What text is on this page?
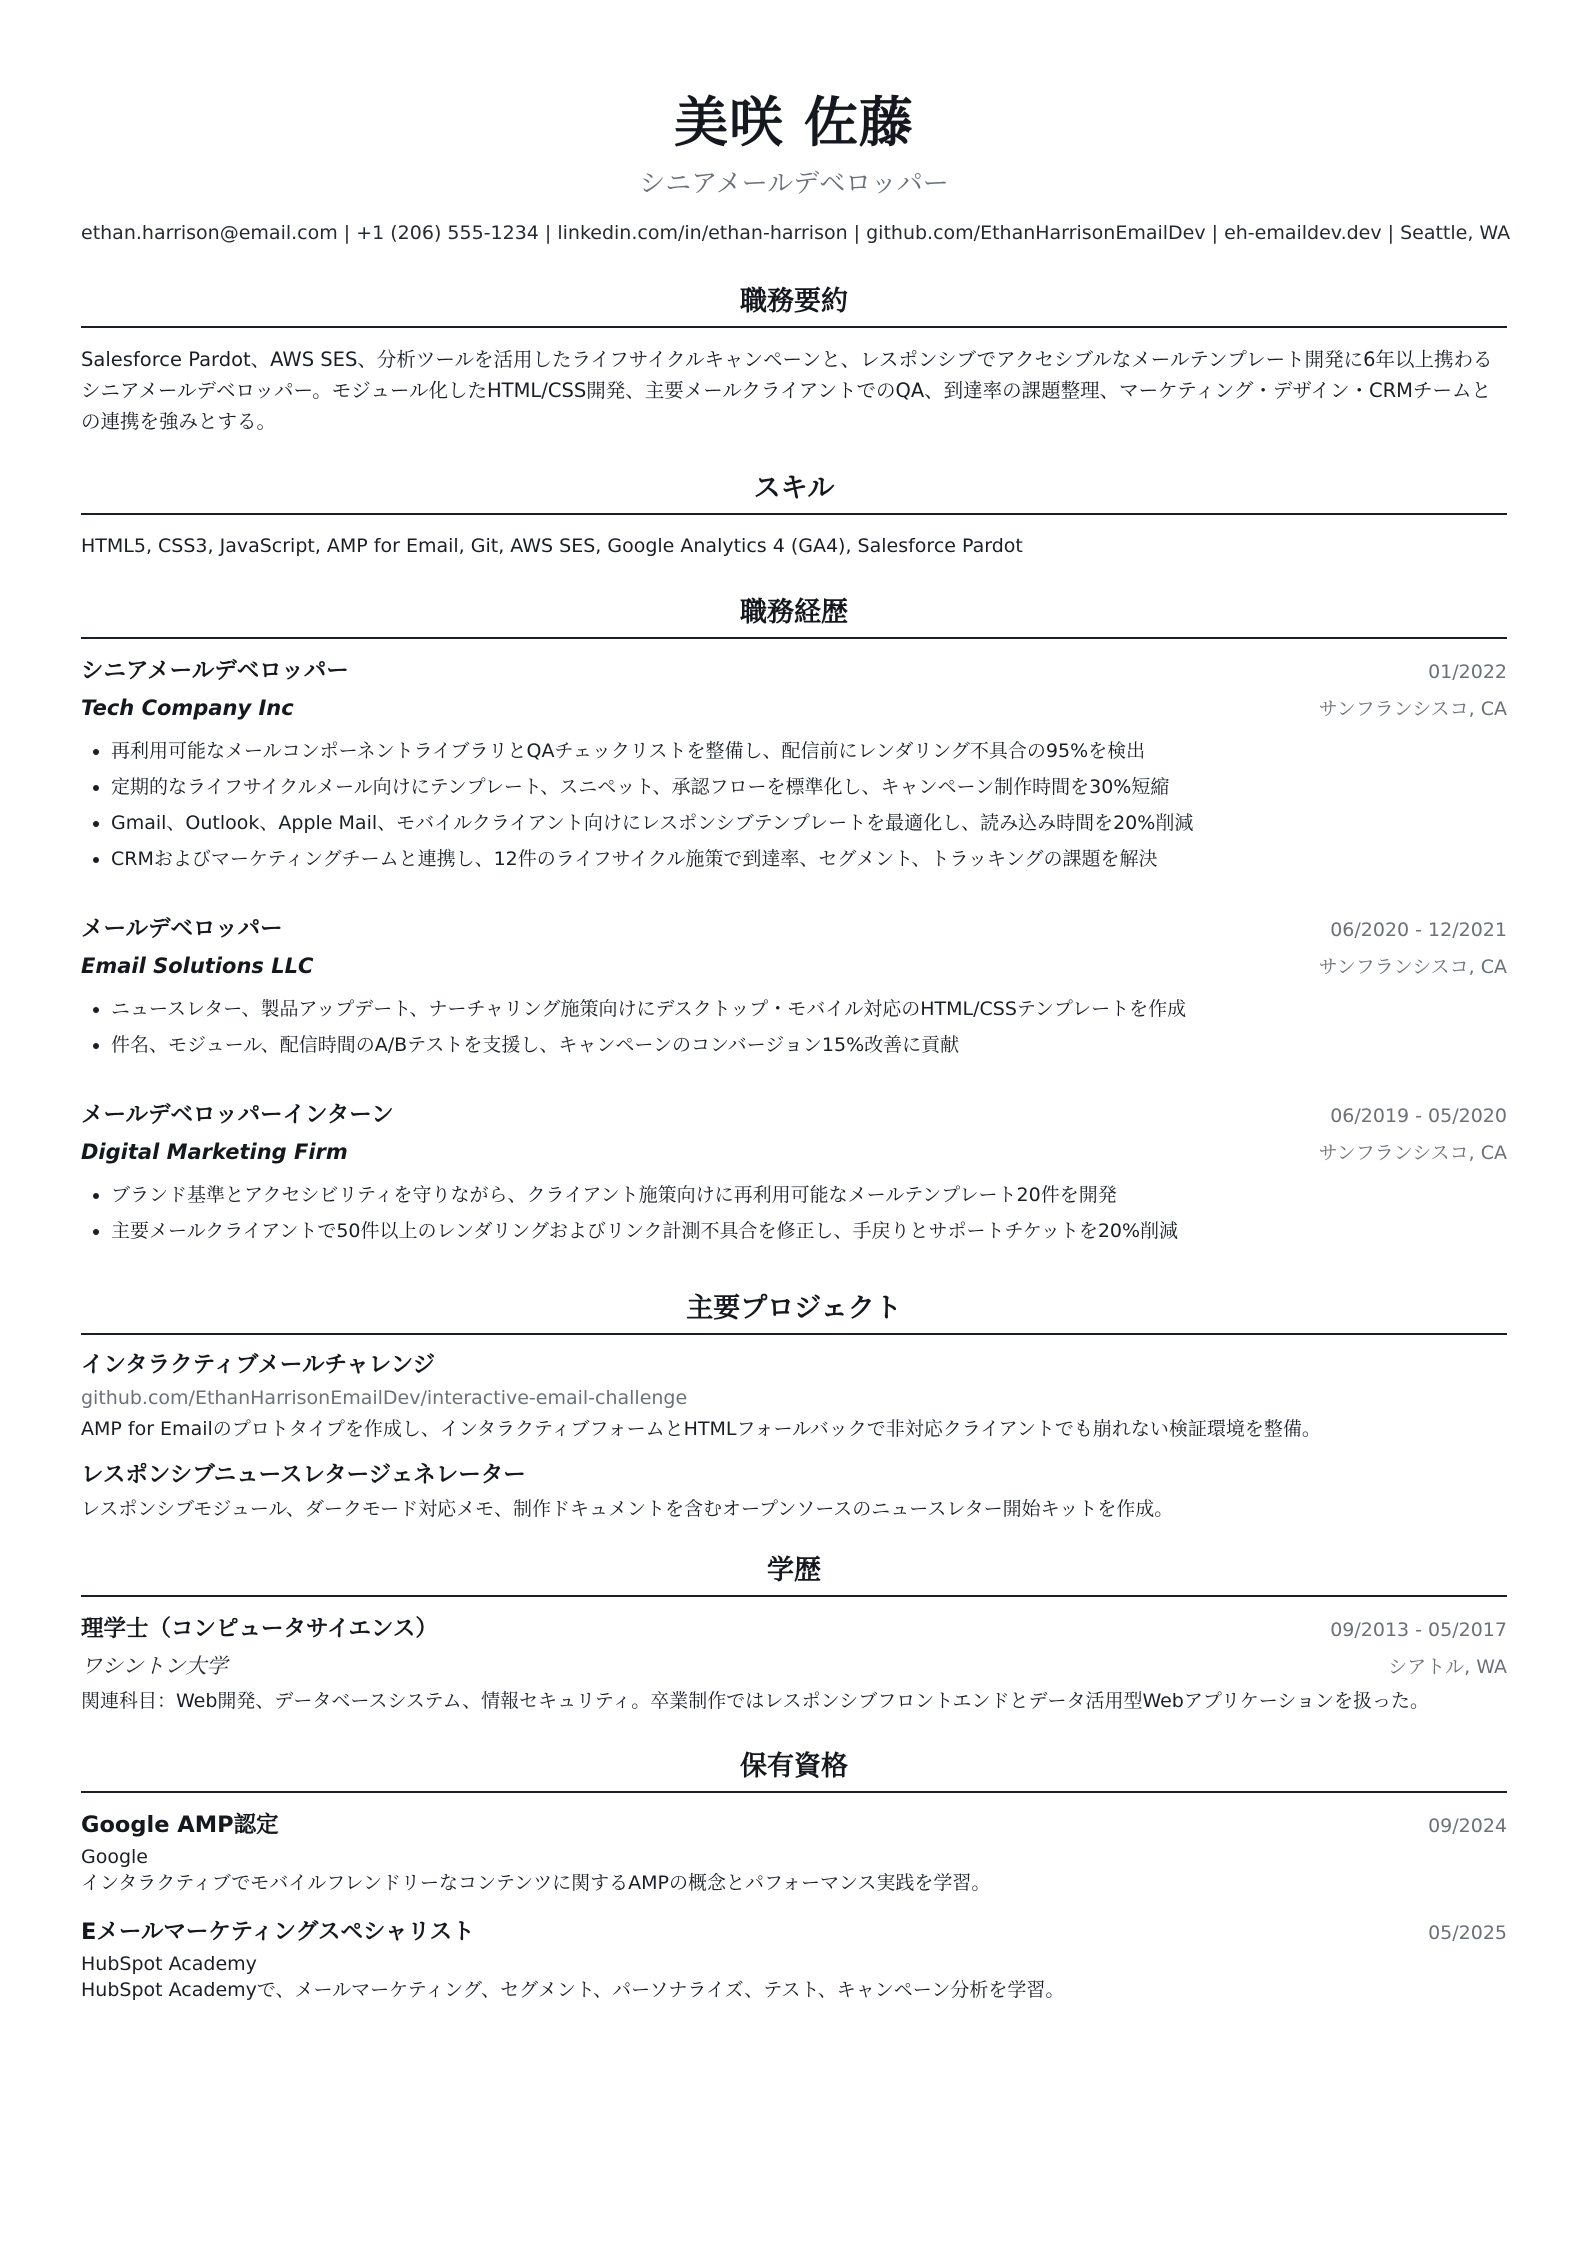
美咲 佐藤
シニアメールデベロッパー
ethan.harrison@email.com | +1 (206) 555-1234 | linkedin.com/in/ethan-harrison | github.com/EthanHarrisonEmailDev | eh-emaildev.dev | Seattle, WA
職務要約
Salesforce Pardot、AWS SES、分析ツールを活用したライフサイクルキャンペーンと、レスポンシブでアクセシブルなメールテンプレート開発に6年以上携わるシニアメールデベロッパー。モジュール化したHTML/CSS開発、主要メールクライアントでのQA、到達率の課題整理、マーケティング・デザイン・CRMチームとの連携を強みとする。
スキル
HTML5, CSS3, JavaScript, AMP for Email, Git, AWS SES, Google Analytics 4 (GA4), Salesforce Pardot
職務経歴
シニアメールデベロッパー	01/2022
Tech Company Inc	サンフランシスコ, CA
再利用可能なメールコンポーネントライブラリとQAチェックリストを整備し、配信前にレンダリング不具合の95%を検出
定期的なライフサイクルメール向けにテンプレート、スニペット、承認フローを標準化し、キャンペーン制作時間を30%短縮
Gmail、Outlook、Apple Mail、モバイルクライアント向けにレスポンシブテンプレートを最適化し、読み込み時間を20%削減
CRMおよびマーケティングチームと連携し、12件のライフサイクル施策で到達率、セグメント、トラッキングの課題を解決
メールデベロッパー	06/2020 - 12/2021
Email Solutions LLC	サンフランシスコ, CA
ニュースレター、製品アップデート、ナーチャリング施策向けにデスクトップ・モバイル対応のHTML/CSSテンプレートを作成
件名、モジュール、配信時間のA/Bテストを支援し、キャンペーンのコンバージョン15%改善に貢献
メールデベロッパーインターン	06/2019 - 05/2020
Digital Marketing Firm	サンフランシスコ, CA
ブランド基準とアクセシビリティを守りながら、クライアント施策向けに再利用可能なメールテンプレート20件を開発
主要メールクライアントで50件以上のレンダリングおよびリンク計測不具合を修正し、手戻りとサポートチケットを20%削減
主要プロジェクト
インタラクティブメールチャレンジ
github.com/EthanHarrisonEmailDev/interactive-email-challenge
AMP for Emailのプロトタイプを作成し、インタラクティブフォームとHTMLフォールバックで非対応クライアントでも崩れない検証環境を整備。
レスポンシブニュースレタージェネレーター
レスポンシブモジュール、ダークモード対応メモ、制作ドキュメントを含むオープンソースのニュースレター開始キットを作成。
学歴
理学士（コンピュータサイエンス）	09/2013 - 05/2017
ワシントン大学	シアトル, WA
関連科目：Web開発、データベースシステム、情報セキュリティ。卒業制作ではレスポンシブフロントエンドとデータ活用型Webアプリケーションを扱った。
保有資格
Google AMP認定	09/2024
Google
インタラクティブでモバイルフレンドリーなコンテンツに関するAMPの概念とパフォーマンス実践を学習。
Eメールマーケティングスペシャリスト	05/2025
HubSpot Academy
HubSpot Academyで、メールマーケティング、セグメント、パーソナライズ、テスト、キャンペーン分析を学習。
